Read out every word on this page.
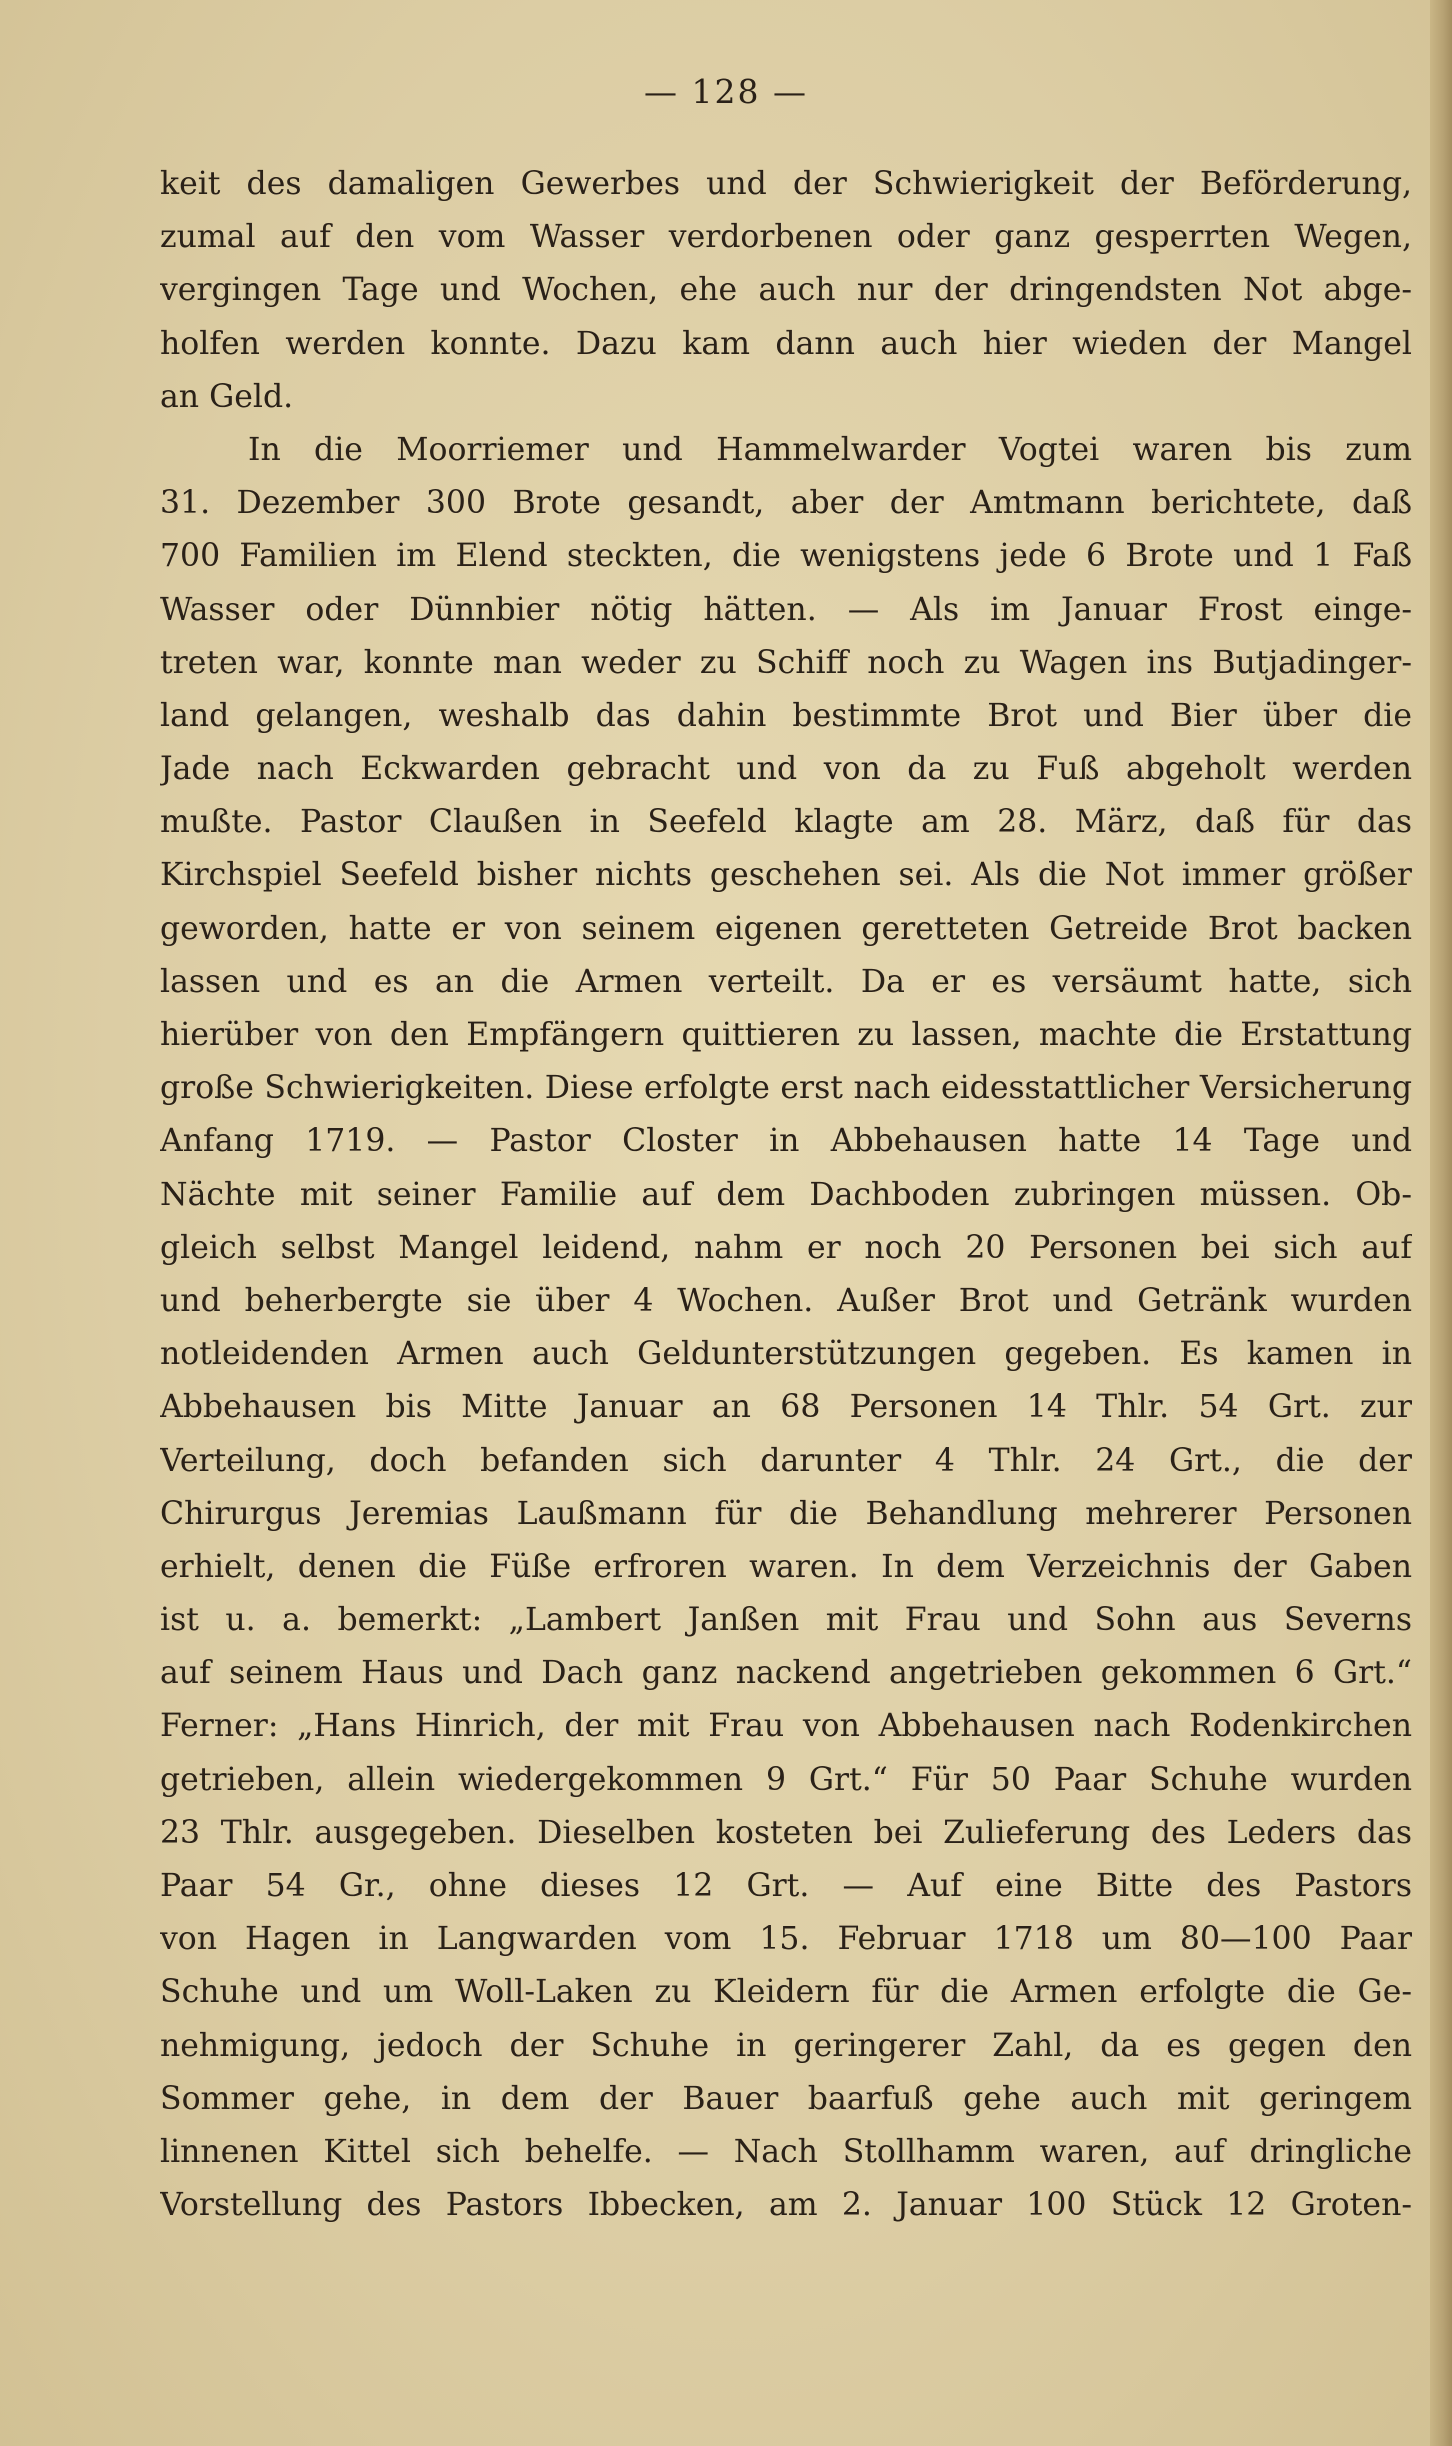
— 128 —
keit des damaligen Gewerbes und der Schwierigkeit der Beförderung,
zumal auf den vom Wasser verdorbenen oder ganz gesperrten Wegen,
vergingen Tage und Wochen, ehe auch nur der dringendsten Not abge-
holfen werden konnte. Dazu kam dann auch hier wieden der Mangel
an Geld.
In die Moorriemer und Hammelwarder Vogtei waren bis zum
31. Dezember 300 Brote gesandt, aber der Amtmann berichtete, daß
700 Familien im Elend steckten, die wenigstens jede 6 Brote und 1 Faß
Wasser oder Dünnbier nötig hätten. — Als im Januar Frost einge-
treten war, konnte man weder zu Schiff noch zu Wagen ins Butjadinger-
land gelangen, weshalb das dahin bestimmte Brot und Bier über die
Jade nach Eckwarden gebracht und von da zu Fuß abgeholt werden
mußte. Pastor Claußen in Seefeld klagte am 28. März, daß für das
Kirchspiel Seefeld bisher nichts geschehen sei. Als die Not immer größer
geworden, hatte er von seinem eigenen geretteten Getreide Brot backen
lassen und es an die Armen verteilt. Da er es versäumt hatte, sich
hierüber von den Empfängern quittieren zu lassen, machte die Erstattung
große Schwierigkeiten. Diese erfolgte erst nach eidesstattlicher Versicherung
Anfang 1719. — Pastor Closter in Abbehausen hatte 14 Tage und
Nächte mit seiner Familie auf dem Dachboden zubringen müssen. Ob-
gleich selbst Mangel leidend, nahm er noch 20 Personen bei sich auf
und beherbergte sie über 4 Wochen. Außer Brot und Getränk wurden
notleidenden Armen auch Geldunterstützungen gegeben. Es kamen in
Abbehausen bis Mitte Januar an 68 Personen 14 Thlr. 54 Grt. zur
Verteilung, doch befanden sich darunter 4 Thlr. 24 Grt., die der
Chirurgus Jeremias Laußmann für die Behandlung mehrerer Personen
erhielt, denen die Füße erfroren waren. In dem Verzeichnis der Gaben
ist u. a. bemerkt: „Lambert Janßen mit Frau und Sohn aus Severns
auf seinem Haus und Dach ganz nackend angetrieben gekommen 6 Grt.“
Ferner: „Hans Hinrich, der mit Frau von Abbehausen nach Rodenkirchen
getrieben, allein wiedergekommen 9 Grt.“ Für 50 Paar Schuhe wurden
23 Thlr. ausgegeben. Dieselben kosteten bei Zulieferung des Leders das
Paar 54 Gr., ohne dieses 12 Grt. — Auf eine Bitte des Pastors
von Hagen in Langwarden vom 15. Februar 1718 um 80—100 Paar
Schuhe und um Woll-Laken zu Kleidern für die Armen erfolgte die Ge-
nehmigung, jedoch der Schuhe in geringerer Zahl, da es gegen den
Sommer gehe, in dem der Bauer baarfuß gehe auch mit geringem
linnenen Kittel sich behelfe. — Nach Stollhamm waren, auf dringliche
Vorstellung des Pastors Ibbecken, am 2. Januar 100 Stück 12 Groten-
